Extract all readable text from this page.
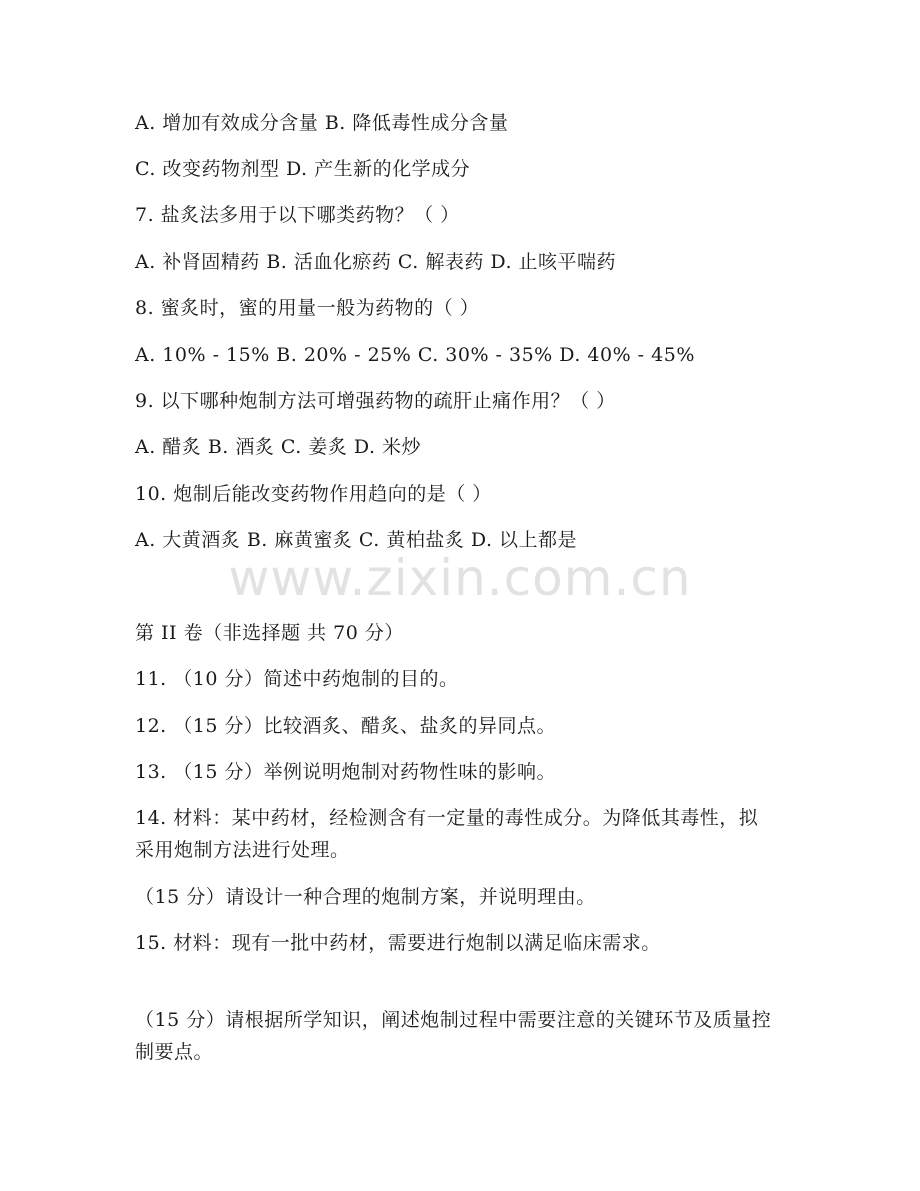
A. 增加有效成分含量 B. 降低毒性成分含量
C. 改变药物剂型 D. 产生新的化学成分
7. 盐炙法多用于以下哪类药物？（ ）
A. 补肾固精药 B. 活血化瘀药 C. 解表药 D. 止咳平喘药
8. 蜜炙时，蜜的用量一般为药物的（ ）
A. 10% - 15% B. 20% - 25% C. 30% - 35% D. 40% - 45%
9. 以下哪种炮制方法可增强药物的疏肝止痛作用？（ ）
A. 醋炙 B. 酒炙 C. 姜炙 D. 米炒
10. 炮制后能改变药物作用趋向的是（ ）
A. 大黄酒炙 B. 麻黄蜜炙 C. 黄柏盐炙 D. 以上都是
www.zixin.com.cn
第 II 卷（非选择题 共 70 分）
11. （10 分）简述中药炮制的目的。
12. （15 分）比较酒炙、醋炙、盐炙的异同点。
13. （15 分）举例说明炮制对药物性味的影响。
14. 材料：某中药材，经检测含有一定量的毒性成分。为降低其毒性，拟采用炮制方法进行处理。
（15 分）请设计一种合理的炮制方案，并说明理由。
15. 材料：现有一批中药材，需要进行炮制以满足临床需求。
（15 分）请根据所学知识，阐述炮制过程中需要注意的关键环节及质量控制要点。
